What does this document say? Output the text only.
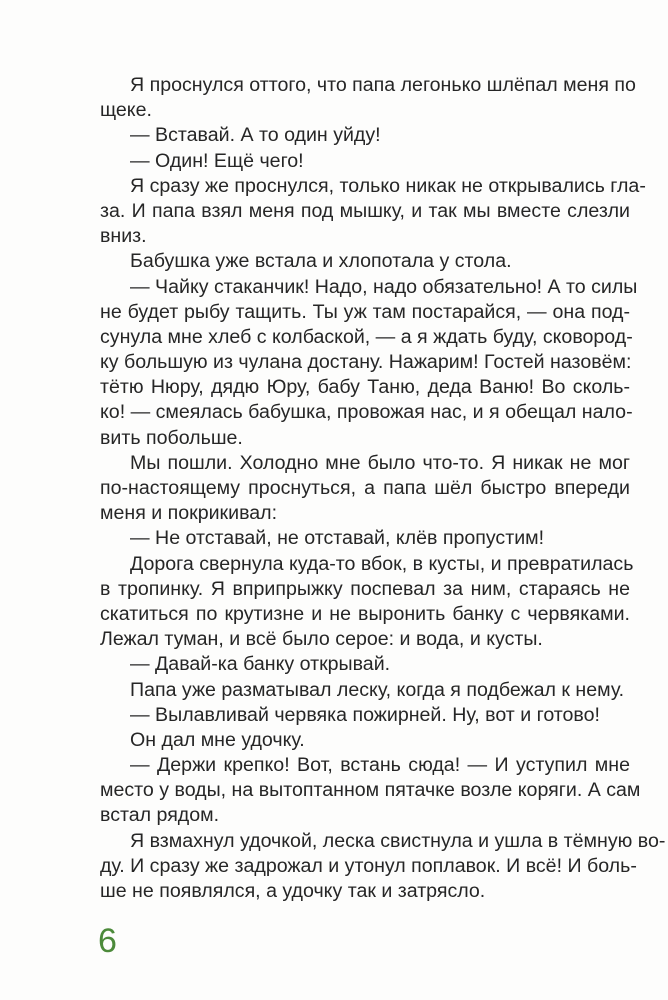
Я проснулся оттого, что папа легонько шлёпал меня по
щеке.
— Вставай. А то один уйду!
— Один! Ещё чего!
Я сразу же проснулся, только никак не открывались гла-
за. И папа взял меня под мышку, и так мы вместе слезли
вниз.
Бабушка уже встала и хлопотала у стола.
— Чайку стаканчик! Надо, надо обязательно! А то силы
не будет рыбу тащить. Ты уж там постарайся, — она под-
сунула мне хлеб с колбаской, — а я ждать буду, сковород-
ку большую из чулана достану. Нажарим! Гостей назовём:
тётю Нюру, дядю Юру, бабу Таню, деда Ваню! Во сколь-
ко! — смеялась бабушка, провожая нас, и я обещал нало-
вить побольше.
Мы пошли. Холодно мне было что-то. Я никак не мог
по-настоящему проснуться, а папа шёл быстро впереди
меня и покрикивал:
— Не отставай, не отставай, клёв пропустим!
Дорога свернула куда-то вбок, в кусты, и превратилась
в тропинку. Я вприпрыжку поспевал за ним, стараясь не
скатиться по крутизне и не выронить банку с червяками.
Лежал туман, и всё было серое: и вода, и кусты.
— Давай-ка банку открывай.
Папа уже разматывал леску, когда я подбежал к нему.
— Вылавливай червяка пожирней. Ну, вот и готово!
Он дал мне удочку.
— Держи крепко! Вот, встань сюда! — И уступил мне
место у воды, на вытоптанном пятачке возле коряги. А сам
встал рядом.
Я взмахнул удочкой, леска свистнула и ушла в тёмную во-
ду. И сразу же задрожал и утонул поплавок. И всё! И боль-
ше не появлялся, а удочку так и затрясло.
6
